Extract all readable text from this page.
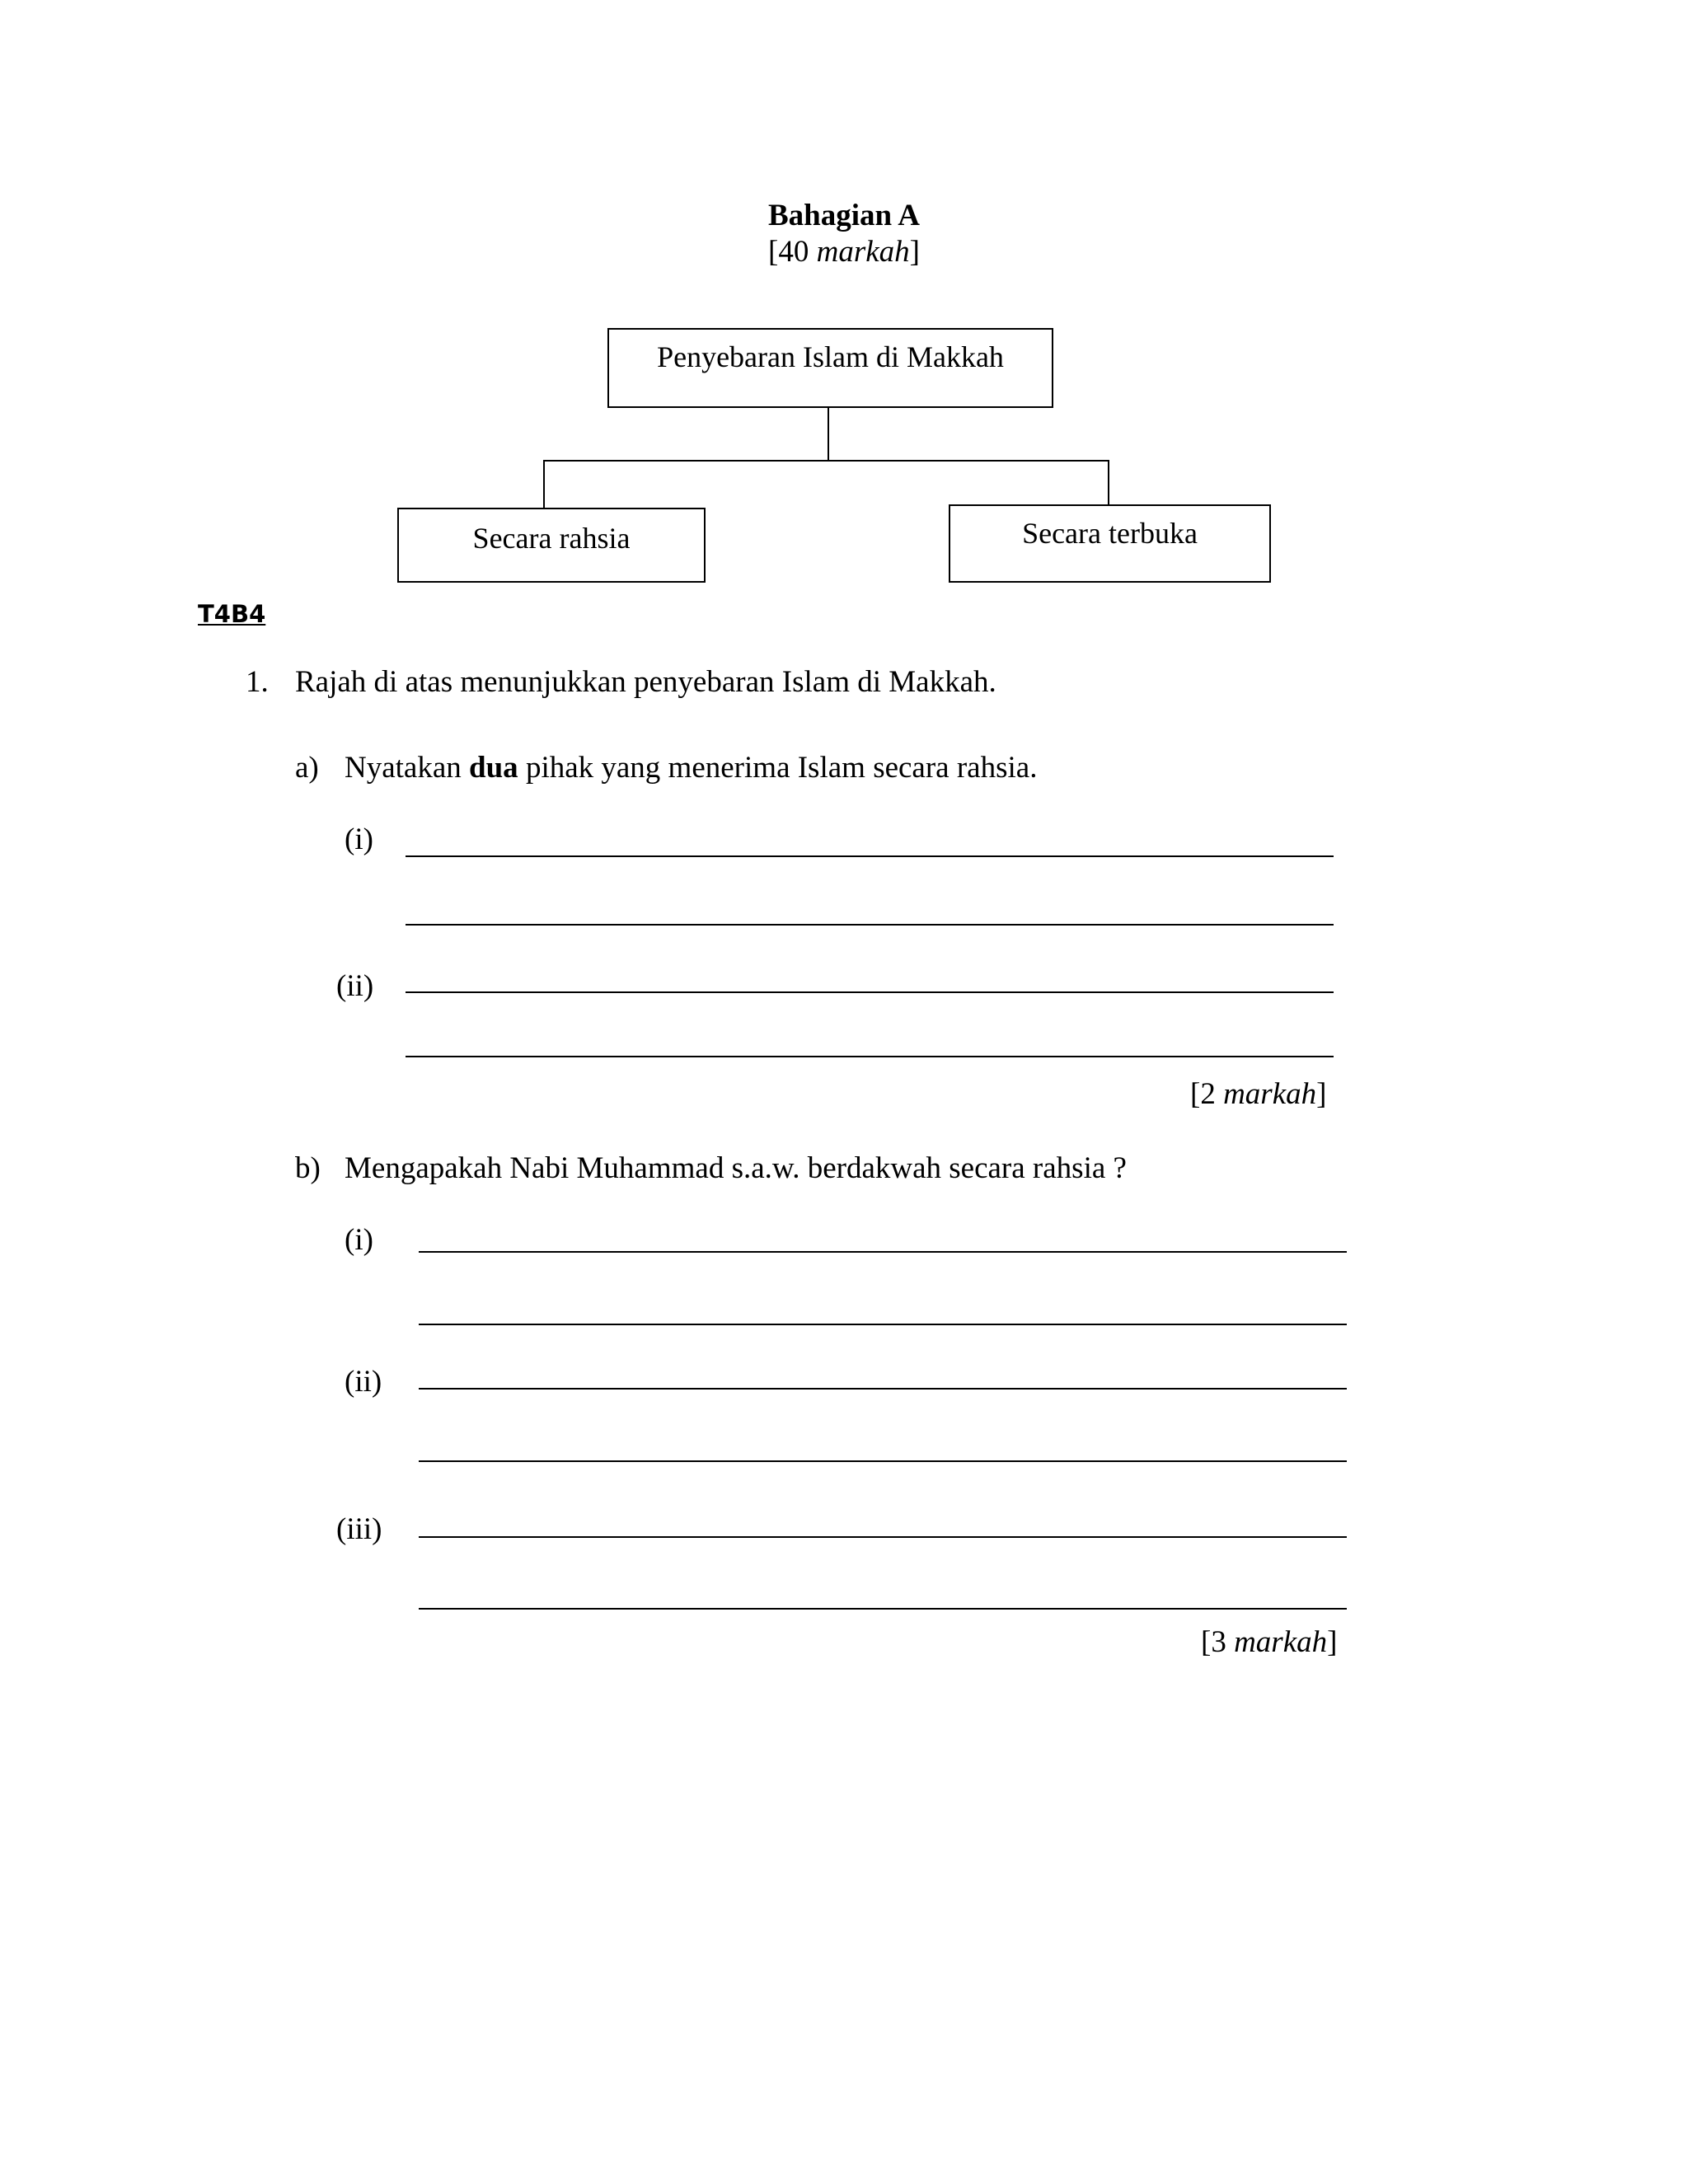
Bahagian A
[40 markah]
Penyebaran Islam di Makkah
Secara rahsia	Secara terbuka
T4B4
1. Rajah di atas menunjukkan penyebaran Islam di Makkah.
a) Nyatakan dua pihak yang menerima Islam secara rahsia.
(i)
(ii)
[2 markah]
b) Mengapakah Nabi Muhammad s.a.w. berdakwah secara rahsia ?
(i)
(ii)
(iii)
[3 markah]
